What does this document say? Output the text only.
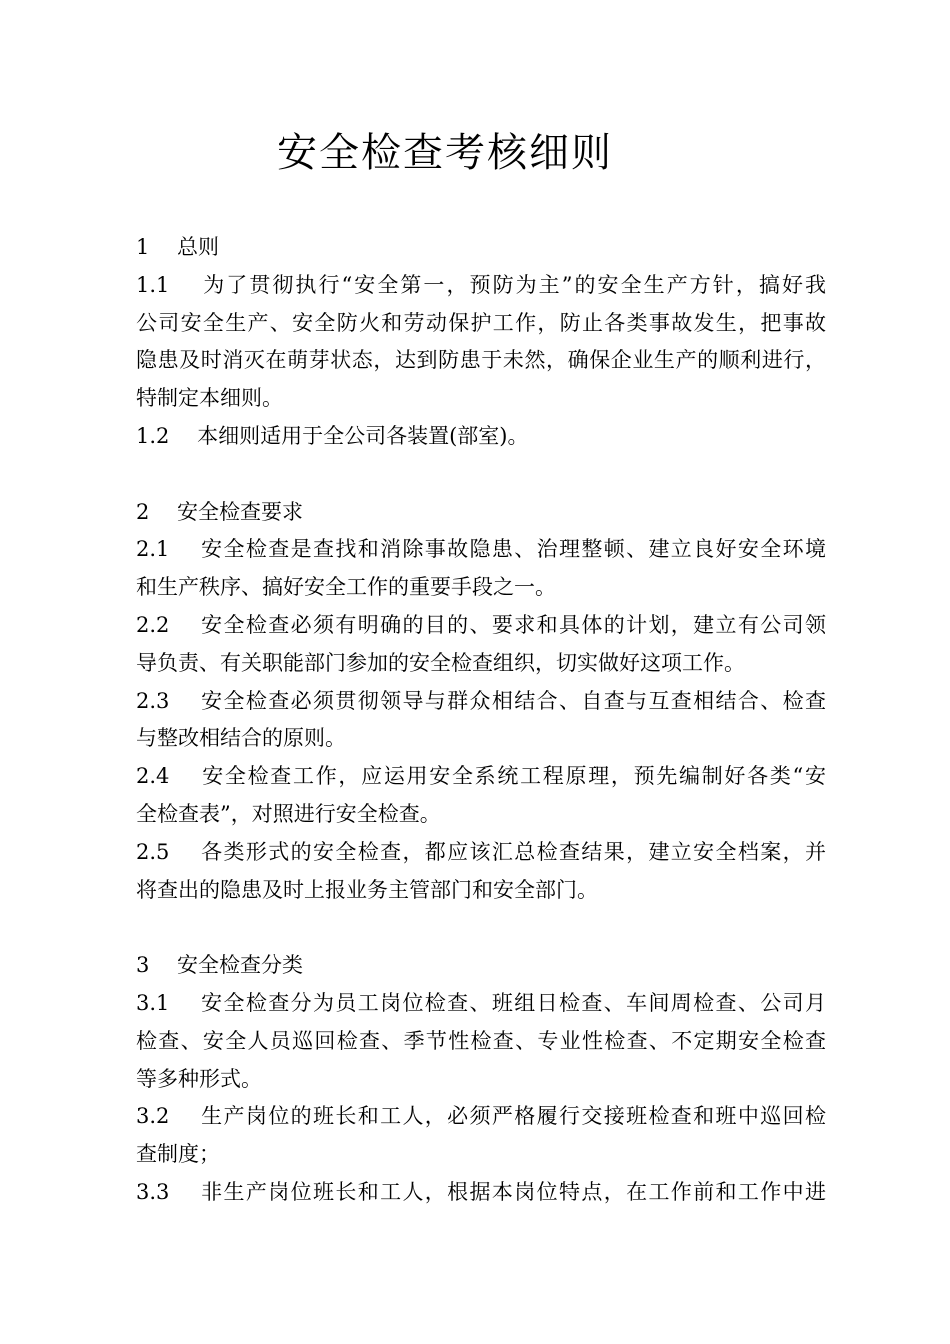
安全检查考核细则

1　 总则

1.1　 为了贯彻执行“安全第一，预防为主”的安全生产方针，搞好我

公司安全生产、安全防火和劳动保护工作，防止各类事故发生，把事故

隐患及时消灭在萌芽状态，达到防患于未然，确保企业生产的顺利进行，

特制定本细则。

1.2　 本细则适用于全公司各装置(部室)。

2　 安全检查要求

2.1　 安全检查是查找和消除事故隐患、治理整顿、建立良好安全环境

和生产秩序、搞好安全工作的重要手段之一。

2.2　 安全检查必须有明确的目的、要求和具体的计划，建立有公司领

导负责、有关职能部门参加的安全检查组织，切实做好这项工作。

2.3　 安全检查必须贯彻领导与群众相结合、自查与互查相结合、检查

与整改相结合的原则。

2.4　 安全检查工作，应运用安全系统工程原理，预先编制好各类“安

全检查表”，对照进行安全检查。

2.5　 各类形式的安全检查，都应该汇总检查结果，建立安全档案，并

将查出的隐患及时上报业务主管部门和安全部门。

3　 安全检查分类

3.1　 安全检查分为员工岗位检查、班组日检查、车间周检查、公司月

检查、安全人员巡回检查、季节性检查、专业性检查、不定期安全检查

等多种形式。

3.2　 生产岗位的班长和工人，必须严格履行交接班检查和班中巡回检

查制度；

3.3　 非生产岗位班长和工人，根据本岗位特点，在工作前和工作中进
